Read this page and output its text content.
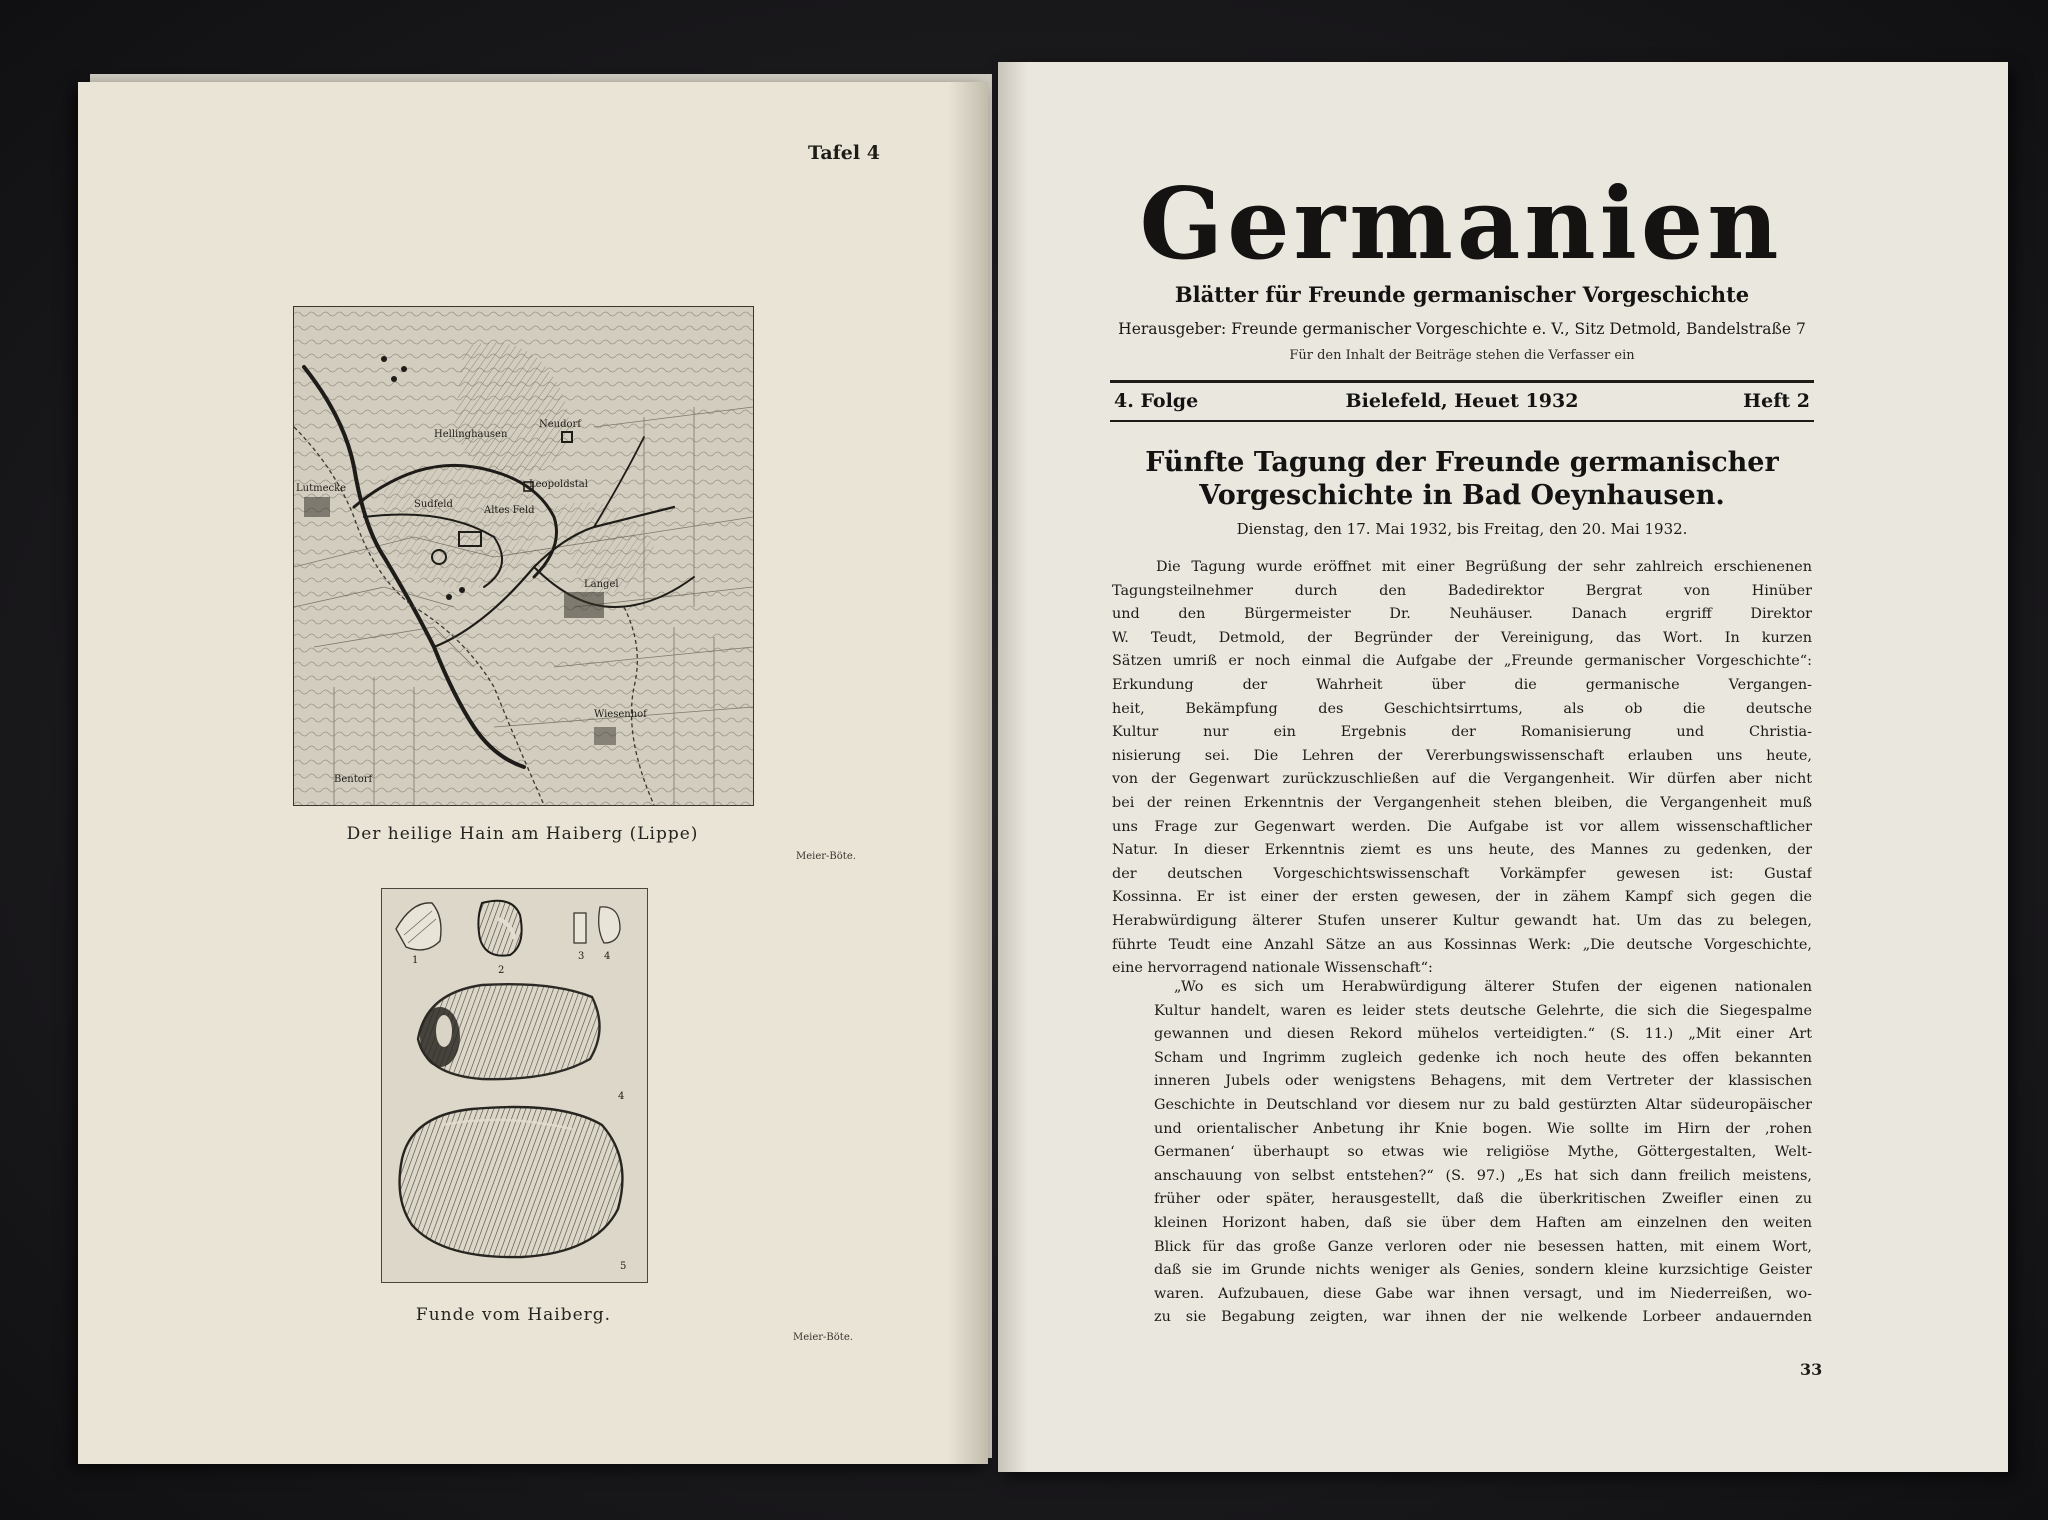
Tafel 4
Hellinghausen
Lutmecke
Altes Feld
Sudfeld
Neudorf
Leopoldstal
Bentorf
Langel
Wiesenhof
Der heilige Hain am Haiberg (Lippe)
Meier-Böte.
1
2
3 4
4
5
Funde vom Haiberg.
Meier-Böte.
Germanien
Blätter für Freunde germanischer Vorgeschichte
Herausgeber: Freunde germanischer Vorgeschichte e. V., Sitz Detmold, Bandelstraße 7
Für den Inhalt der Beiträge stehen die Verfasser ein
4. Folge	Bielefeld, Heuet 1932	Heft 2
Fünfte Tagung der Freunde germanischer
Vorgeschichte in Bad Oeynhausen.
Dienstag, den 17. Mai 1932, bis Freitag, den 20. Mai 1932.
Die Tagung wurde eröffnet mit einer Begrüßung der sehr zahlreich erschienenen
Tagungsteilnehmer durch den Badedirektor Bergrat von Hinüber
und den Bürgermeister Dr. Neuhäuser. Danach ergriff Direktor
W. Teudt, Detmold, der Begründer der Vereinigung, das Wort. In kurzen
Sätzen umriß er noch einmal die Aufgabe der „Freunde germanischer Vorgeschichte“:
Erkundung der Wahrheit über die germanische Vergangen-
heit, Bekämpfung des Geschichtsirrtums, als ob die deutsche
Kultur nur ein Ergebnis der Romanisierung und Christia-
nisierung sei. Die Lehren der Vererbungswissenschaft erlauben uns heute,
von der Gegenwart zurückzuschließen auf die Vergangenheit. Wir dürfen aber nicht
bei der reinen Erkenntnis der Vergangenheit stehen bleiben, die Vergangenheit muß
uns Frage zur Gegenwart werden. Die Aufgabe ist vor allem wissenschaftlicher
Natur. In dieser Erkenntnis ziemt es uns heute, des Mannes zu gedenken, der
der deutschen Vorgeschichtswissenschaft Vorkämpfer gewesen ist: Gustaf
Kossinna. Er ist einer der ersten gewesen, der in zähem Kampf sich gegen die
Herabwürdigung älterer Stufen unserer Kultur gewandt hat. Um das zu belegen,
führte Teudt eine Anzahl Sätze an aus Kossinnas Werk: „Die deutsche Vorgeschichte,
eine hervorragend nationale Wissenschaft“:
„Wo es sich um Herabwürdigung älterer Stufen der eigenen nationalen
Kultur handelt, waren es leider stets deutsche Gelehrte, die sich die Siegespalme
gewannen und diesen Rekord mühelos verteidigten.“ (S. 11.) „Mit einer Art
Scham und Ingrimm zugleich gedenke ich noch heute des offen bekannten
inneren Jubels oder wenigstens Behagens, mit dem Vertreter der klassischen
Geschichte in Deutschland vor diesem nur zu bald gestürzten Altar südeuropäischer
und orientalischer Anbetung ihr Knie bogen. Wie sollte im Hirn der ‚rohen
Germanen‘ überhaupt so etwas wie religiöse Mythe, Göttergestalten, Welt-
anschauung von selbst entstehen?“ (S. 97.) „Es hat sich dann freilich meistens,
früher oder später, herausgestellt, daß die überkritischen Zweifler einen zu
kleinen Horizont haben, daß sie über dem Haften am einzelnen den weiten
Blick für das große Ganze verloren oder nie besessen hatten, mit einem Wort,
daß sie im Grunde nichts weniger als Genies, sondern kleine kurzsichtige Geister
waren. Aufzubauen, diese Gabe war ihnen versagt, und im Niederreißen, wo-
zu sie Begabung zeigten, war ihnen der nie welkende Lorbeer andauernden
33
